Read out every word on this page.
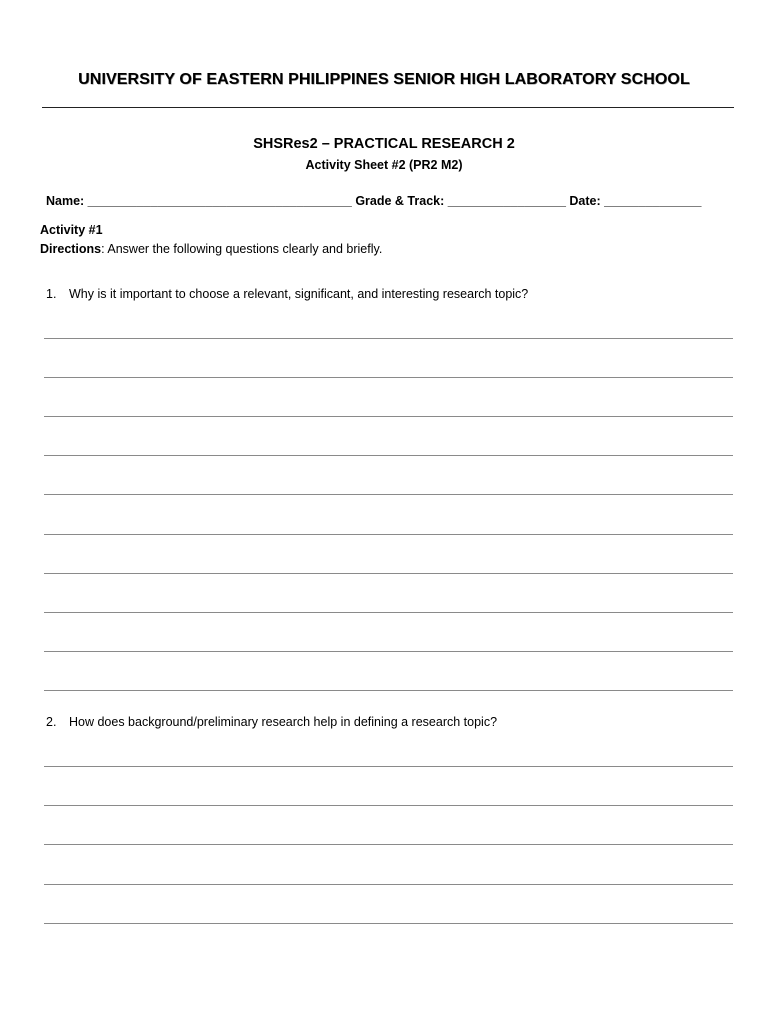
UNIVERSITY OF EASTERN PHILIPPINES SENIOR HIGH LABORATORY SCHOOL
SHSRes2 – PRACTICAL RESEARCH 2
Activity Sheet #2 (PR2 M2)
Name: ______________________________________ Grade & Track: _________________ Date: ______________
Activity #1
Directions: Answer the following questions clearly and briefly.
1. Why is it important to choose a relevant, significant, and interesting research topic?
2. How does background/preliminary research help in defining a research topic?
